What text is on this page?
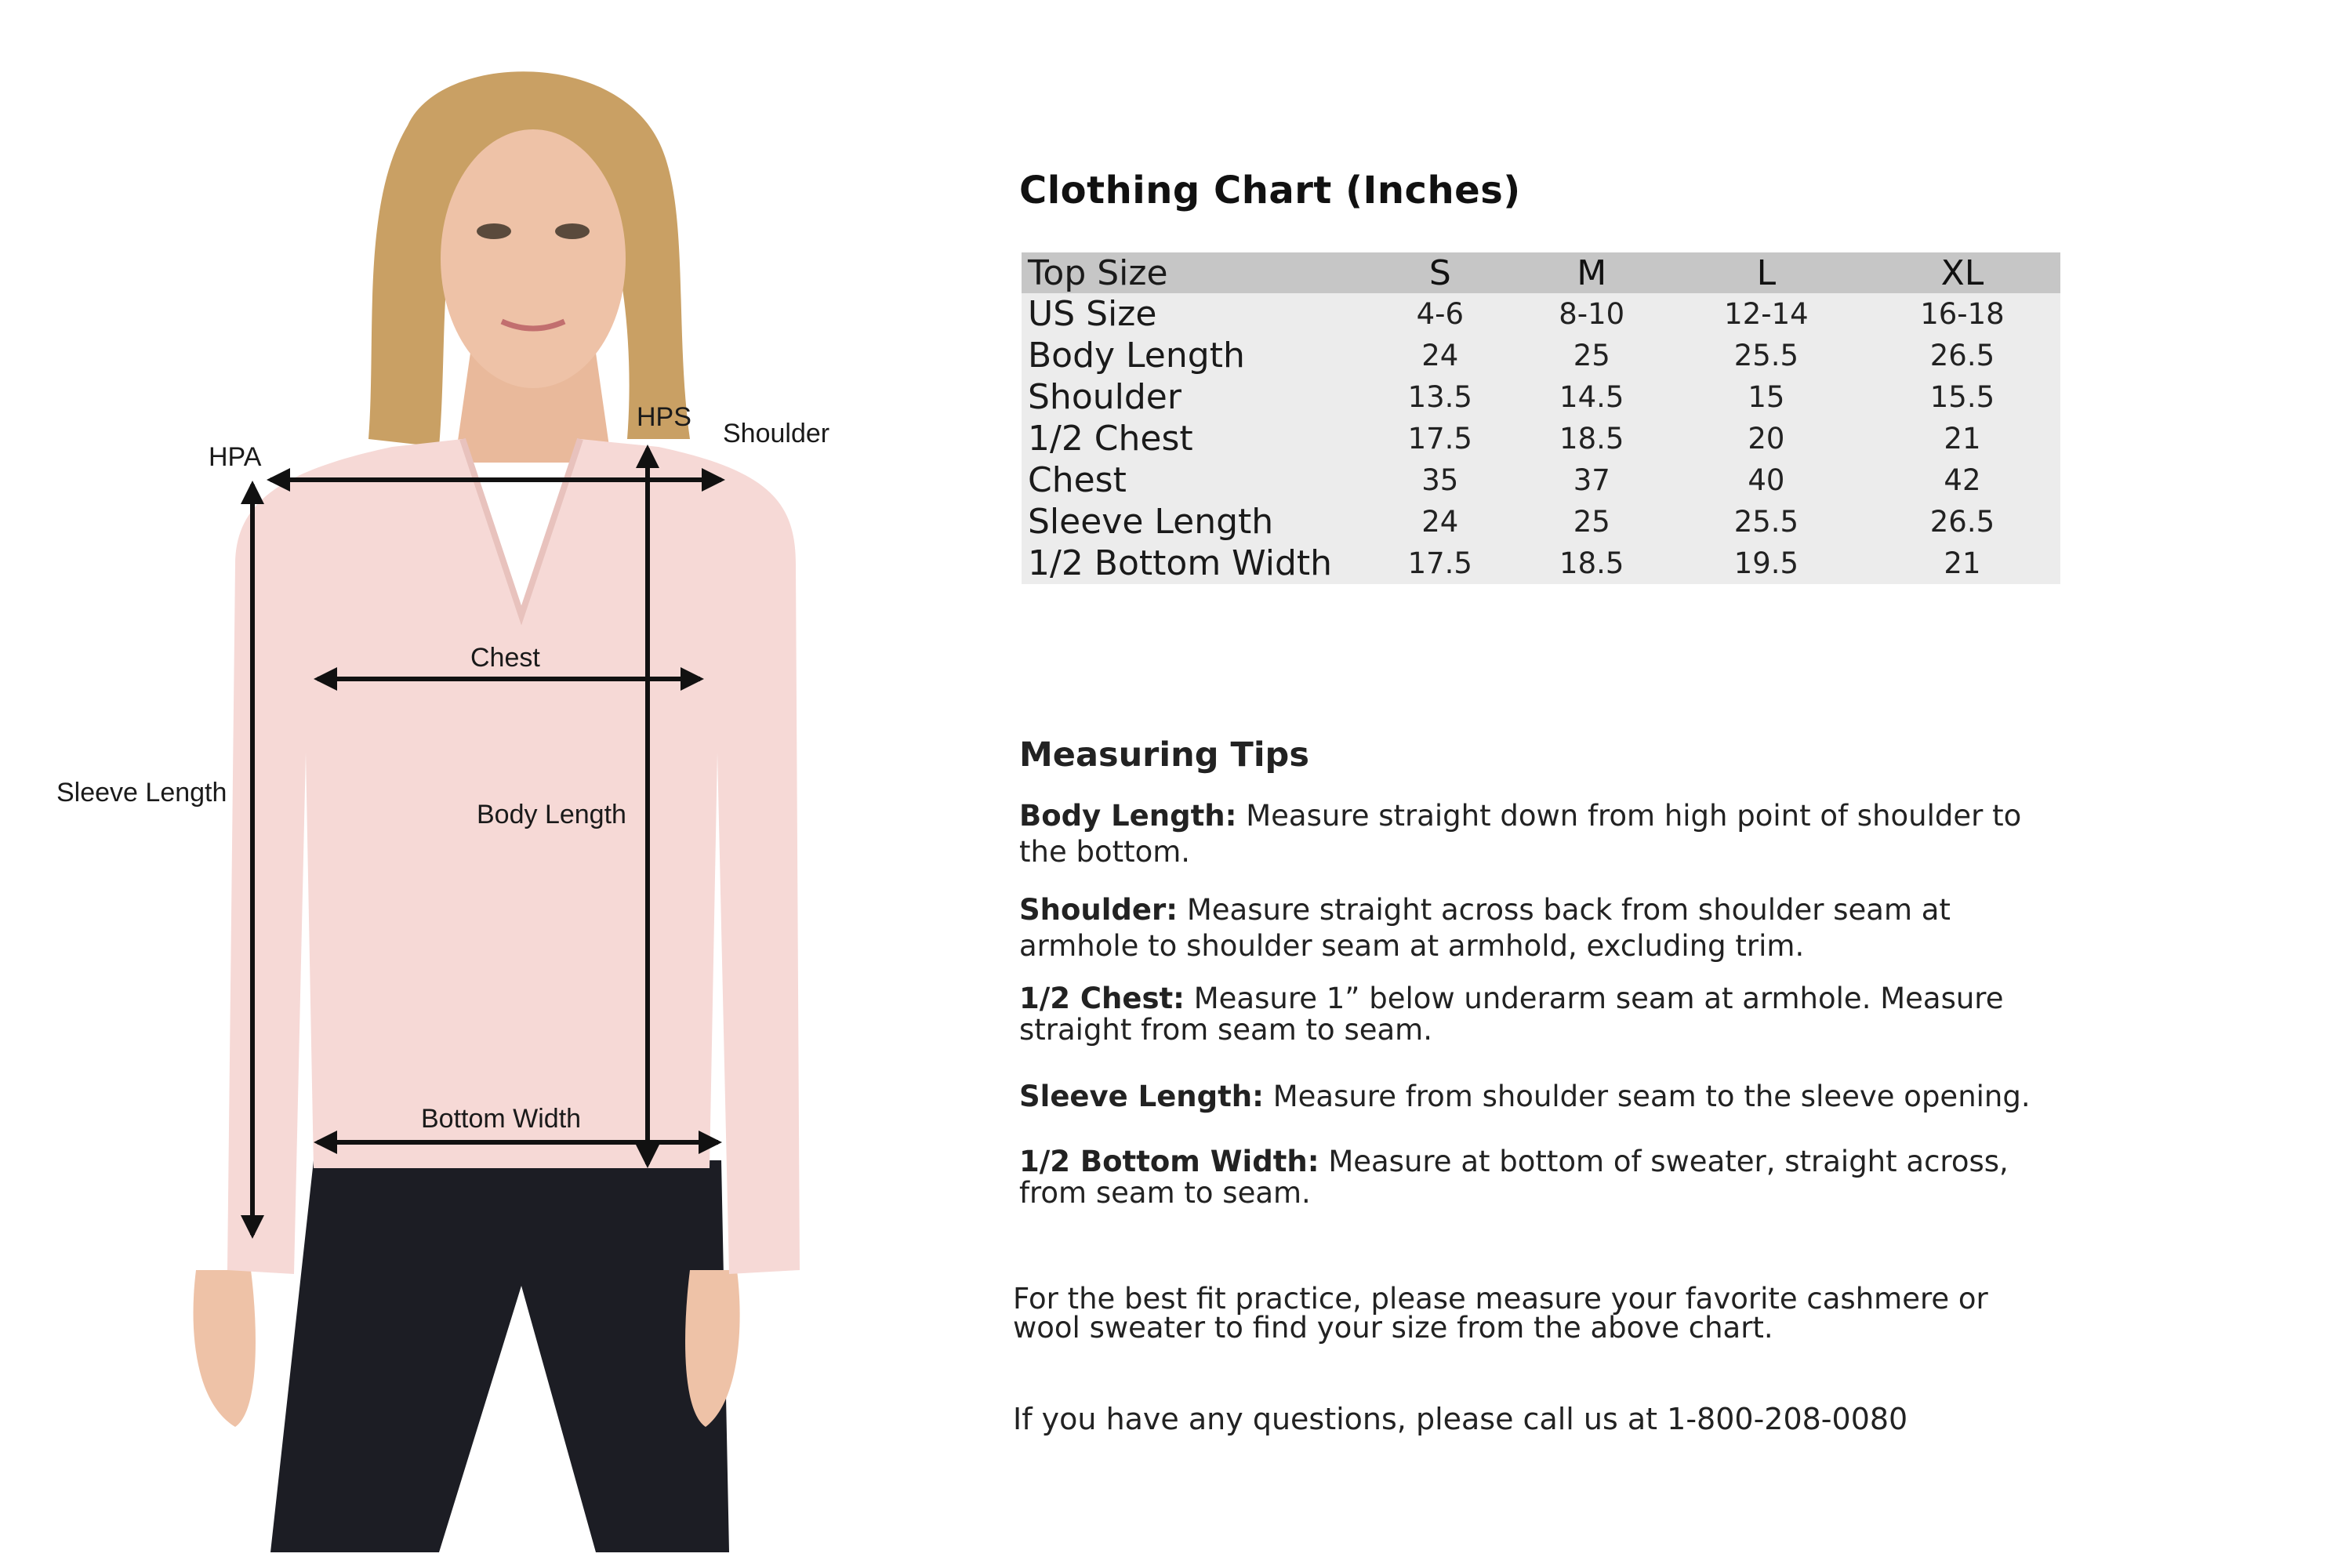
HPA
HPS
Shoulder
Chest
Sleeve Length
Body Length
Bottom Width
Clothing Chart (Inches)
Top Size	S	M	L	XL
US Size	4-6	8-10	12-14	16-18
Body Length	24	25	25.5	26.5
Shoulder	13.5	14.5	15	15.5
1/2 Chest	17.5	18.5	20	21
Chest	35	37	40	42
Sleeve Length	24	25	25.5	26.5
1/2 Bottom Width	17.5	18.5	19.5	21
Measuring Tips
Body Length: Measure straight down from high point of shoulder to the bottom.
Shoulder: Measure straight across back from shoulder seam at armhole to shoulder seam at armhold, excluding trim.
1/2 Chest: Measure 1” below underarm seam at armhole. Measure straight from seam to seam.
Sleeve Length: Measure from shoulder seam to the sleeve opening.
1/2 Bottom Width: Measure at bottom of sweater, straight across, from seam to seam.
For the best fit practice, please measure your favorite cashmere or wool sweater to find your size from the above chart.
If you have any questions, please call us at 1-800-208-0080
